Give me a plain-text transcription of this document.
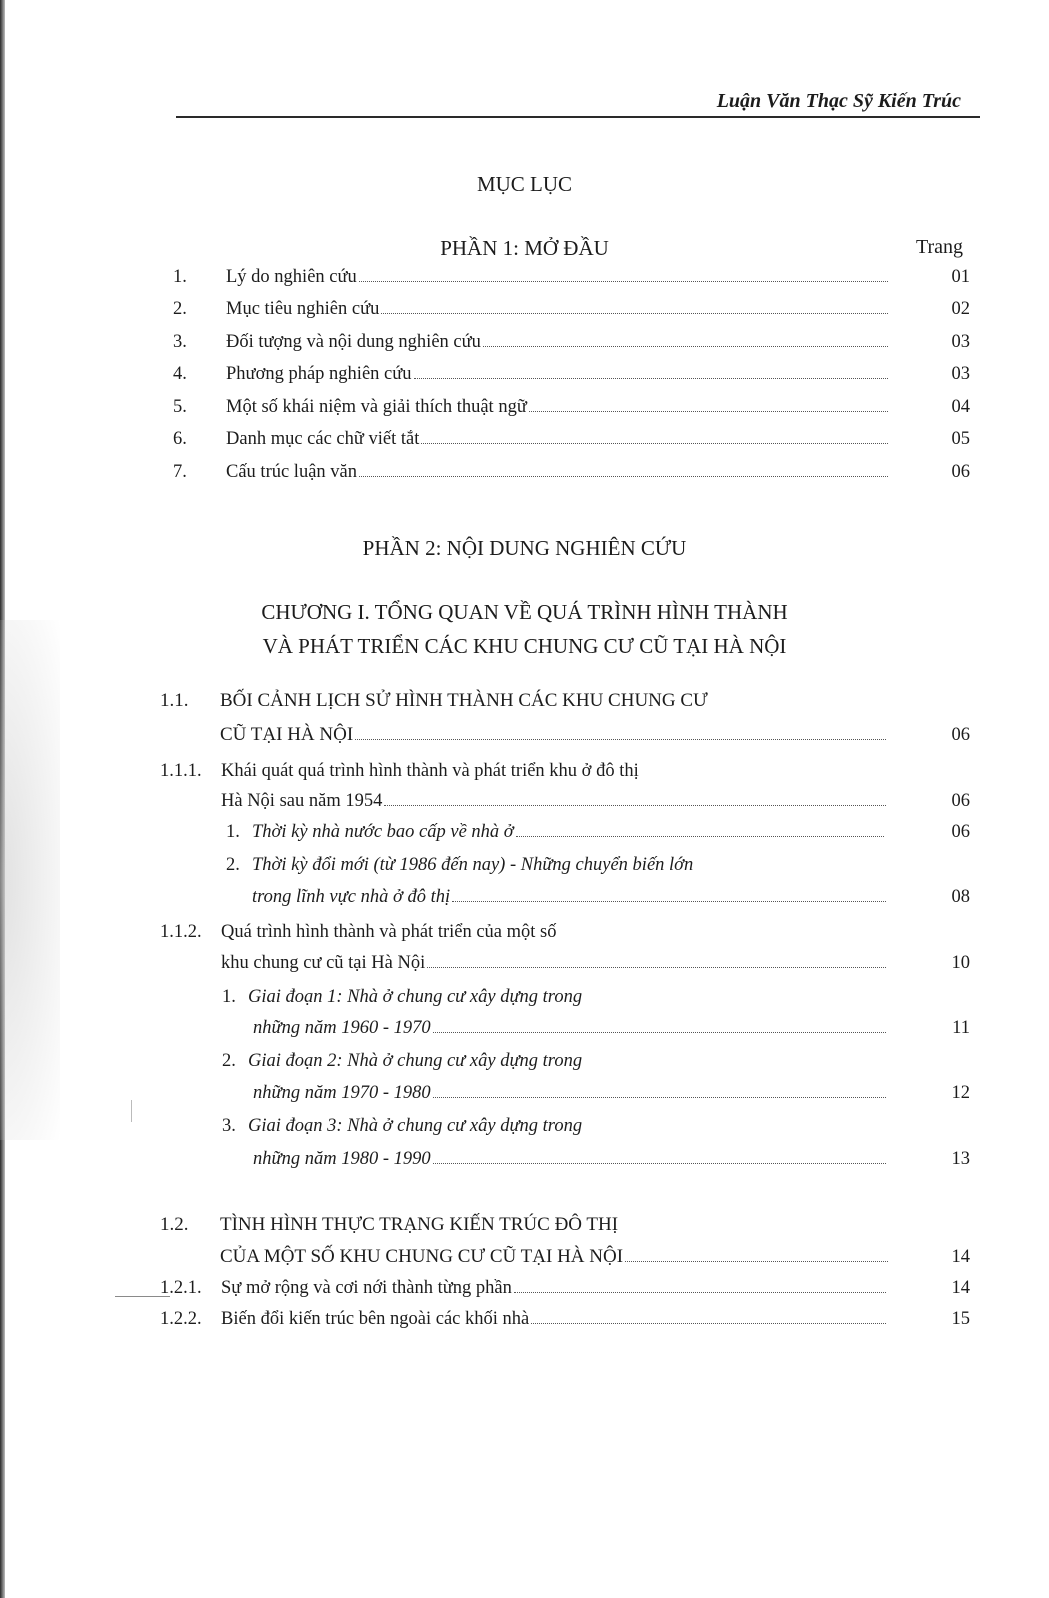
Luận Văn Thạc Sỹ Kiến Trúc
MỤC LỤC
PHẦN 1: MỞ ĐẦU	Trang
1. Lý do nghiên cứu	01
2. Mục tiêu nghiên cứu	02
3. Đối tượng và nội dung nghiên cứu	03
4. Phương pháp nghiên cứu	03
5. Một số khái niệm và giải thích thuật ngữ	04
6. Danh mục các chữ viết tắt	05
7. Cấu trúc luận văn	06
PHẦN 2: NỘI DUNG NGHIÊN CỨU
CHƯƠNG I. TỔNG QUAN VỀ QUÁ TRÌNH HÌNH THÀNH
VÀ PHÁT TRIỂN CÁC KHU CHUNG CƯ CŨ TẠI HÀ NỘI
1.1. BỐI CẢNH LỊCH SỬ HÌNH THÀNH CÁC KHU CHUNG CƯ
CŨ TẠI HÀ NỘI	06
1.1.1. Khái quát quá trình hình thành và phát triển khu ở đô thị
Hà Nội sau năm 1954	06
1. Thời kỳ nhà nước bao cấp về nhà ở	06
2. Thời kỳ đổi mới (từ 1986 đến nay) - Những chuyển biến lớn
trong lĩnh vực nhà ở đô thị	08
1.1.2. Quá trình hình thành và phát triển của một số
khu chung cư cũ tại Hà Nội	10
1. Giai đoạn 1: Nhà ở chung cư xây dựng trong
những năm 1960 - 1970	11
2. Giai đoạn 2: Nhà ở chung cư xây dựng trong
những năm 1970 - 1980	12
3. Giai đoạn 3: Nhà ở chung cư xây dựng trong
những năm 1980 - 1990	13
1.2. TÌNH HÌNH THỰC TRẠNG KIẾN TRÚC ĐÔ THỊ
CỦA MỘT SỐ KHU CHUNG CƯ CŨ TẠI HÀ NỘI	14
1.2.1. Sự mở rộng và cơi nới thành từng phần	14
1.2.2. Biến đổi kiến trúc bên ngoài các khối nhà	15
